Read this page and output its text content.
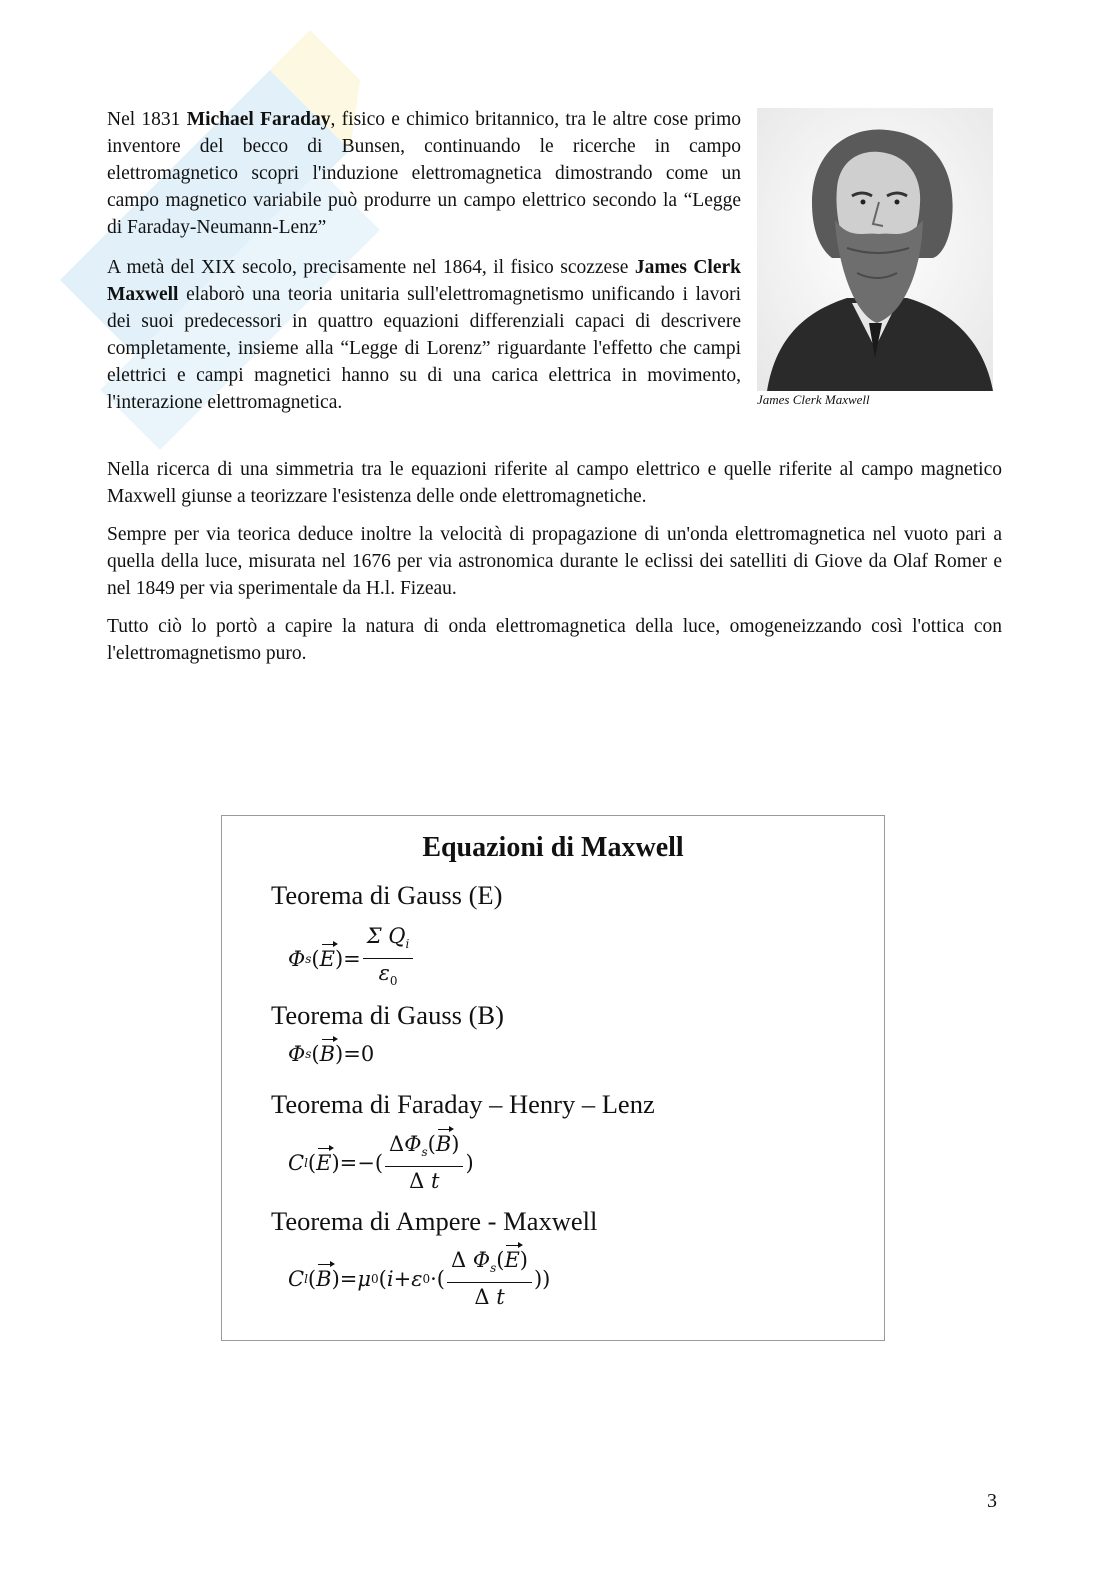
Nel 1831 Michael Faraday, fisico e chimico britannico, tra le altre cose primo inventore del becco di Bunsen, continuando le ricerche in campo elettromagnetico scopri l'induzione elettromagnetica dimostrando come un campo magnetico variabile può produrre un campo elettrico secondo la “Legge di Faraday-Neumann-Lenz”

A metà del XIX secolo, precisamente nel 1864, il fisico scozzese James Clerk Maxwell elaborò una teoria unitaria sull'elettromagnetismo unificando i lavori dei suoi predecessori in quattro equazioni differenziali capaci di descrivere completamente, insieme alla “Legge di Lorenz” riguardante l'effetto che campi elettrici e campi magnetici hanno su di una carica elettrica in movimento, l'interazione elettromagnetica.	James Clerk Maxwell

Nella ricerca di una simmetria tra le equazioni riferite al campo elettrico e quelle riferite al campo magnetico Maxwell giunse a teorizzare l'esistenza delle onde elettromagnetiche.

Sempre per via teorica deduce inoltre la velocità di propagazione di un'onda elettromagnetica nel vuoto pari a quella della luce, misurata nel 1676 per via astronomica durante le eclissi dei satelliti di Giove da Olaf Romer e nel 1849 per via sperimentale da H.l. Fizeau.

Tutto ciò lo portò a capire la natura di onda elettromagnetica della luce, omogeneizzando così l'ottica con l'elettromagnetismo puro.

Equazioni di Maxwell
Teorema di Gauss (E)
Φ s ( E )= $\frac{\Sigma Q_i}{\varepsilon_0}$
Teorema di Gauss (B)
Φ s ( B )= 0
Teorema di Faraday – Henry – Lenz
C l ( E )=−( $\frac{\Delta\Phi_s(B)}{\text{Δ t}}$ )
Teorema di Ampere - Maxwell
C l ( B )= μ 0 ( i + ε 0 ·( $\frac{\Delta \Phi_s(E)}{\text{Δ t}}$ ))
3
